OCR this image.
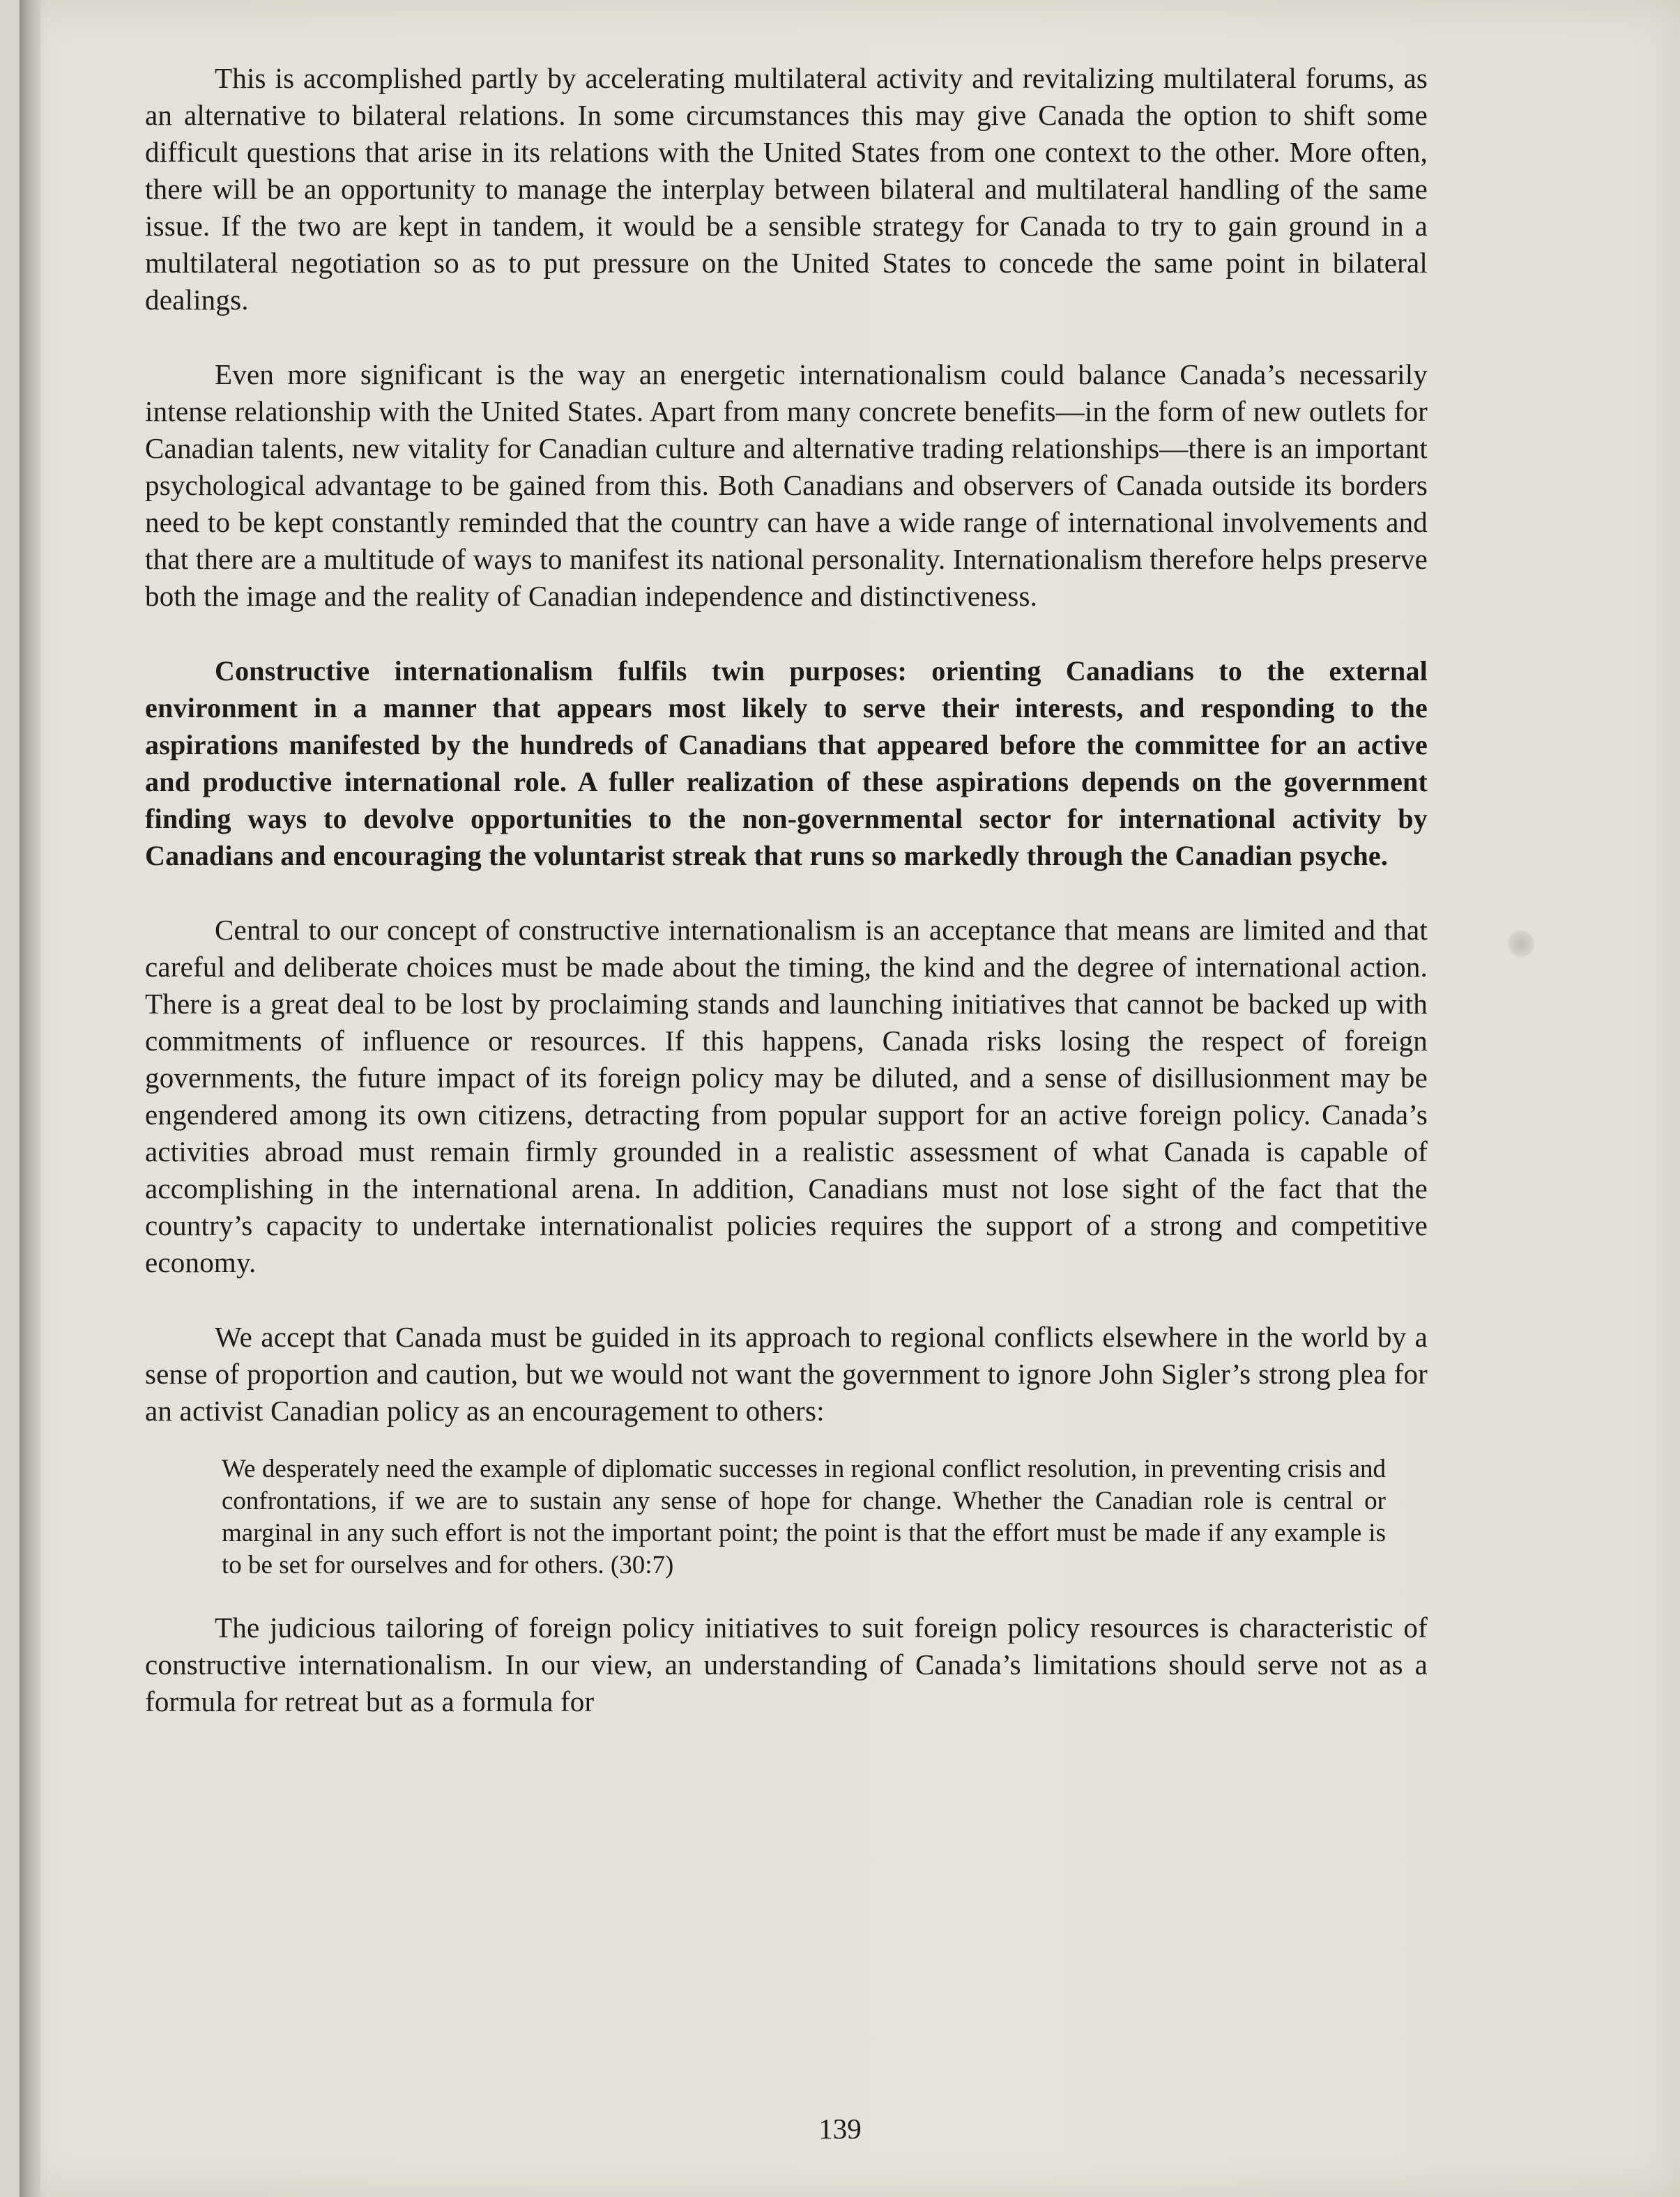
This is accomplished partly by accelerating multilateral activity and revitalizing multilateral forums, as an alternative to bilateral relations. In some circumstances this may give Canada the option to shift some difficult questions that arise in its relations with the United States from one context to the other. More often, there will be an opportunity to manage the interplay between bilateral and multilateral handling of the same issue. If the two are kept in tandem, it would be a sensible strategy for Canada to try to gain ground in a multilateral negotiation so as to put pressure on the United States to concede the same point in bilateral dealings.

Even more significant is the way an energetic internationalism could balance Canada’s necessarily intense relationship with the United States. Apart from many concrete benefits—in the form of new outlets for Canadian talents, new vitality for Canadian culture and alternative trading relationships—there is an important psychological advantage to be gained from this. Both Canadians and observers of Canada outside its borders need to be kept constantly reminded that the country can have a wide range of international involvements and that there are a multitude of ways to manifest its national personality. Internationalism therefore helps preserve both the image and the reality of Canadian independence and distinctiveness.

Constructive internationalism fulfils twin purposes: orienting Canadians to the external environment in a manner that appears most likely to serve their interests, and responding to the aspirations manifested by the hundreds of Canadians that appeared before the committee for an active and productive international role. A fuller realization of these aspirations depends on the government finding ways to devolve opportunities to the non-governmental sector for international activity by Canadians and encouraging the voluntarist streak that runs so markedly through the Canadian psyche.

Central to our concept of constructive internationalism is an acceptance that means are limited and that careful and deliberate choices must be made about the timing, the kind and the degree of international action. There is a great deal to be lost by proclaiming stands and launching initiatives that cannot be backed up with commitments of influence or resources. If this happens, Canada risks losing the respect of foreign governments, the future impact of its foreign policy may be diluted, and a sense of disillusionment may be engendered among its own citizens, detracting from popular support for an active foreign policy. Canada’s activities abroad must remain firmly grounded in a realistic assessment of what Canada is capable of accomplishing in the international arena. In addition, Canadians must not lose sight of the fact that the country’s capacity to undertake internationalist policies requires the support of a strong and competitive economy.

We accept that Canada must be guided in its approach to regional conflicts elsewhere in the world by a sense of proportion and caution, but we would not want the government to ignore John Sigler’s strong plea for an activist Canadian policy as an encouragement to others:

We desperately need the example of diplomatic successes in regional conflict resolution, in preventing crisis and confrontations, if we are to sustain any sense of hope for change. Whether the Canadian role is central or marginal in any such effort is not the important point; the point is that the effort must be made if any example is to be set for ourselves and for others. (30:7)

The judicious tailoring of foreign policy initiatives to suit foreign policy resources is characteristic of constructive internationalism. In our view, an understanding of Canada’s limitations should serve not as a formula for retreat but as a formula for

139
